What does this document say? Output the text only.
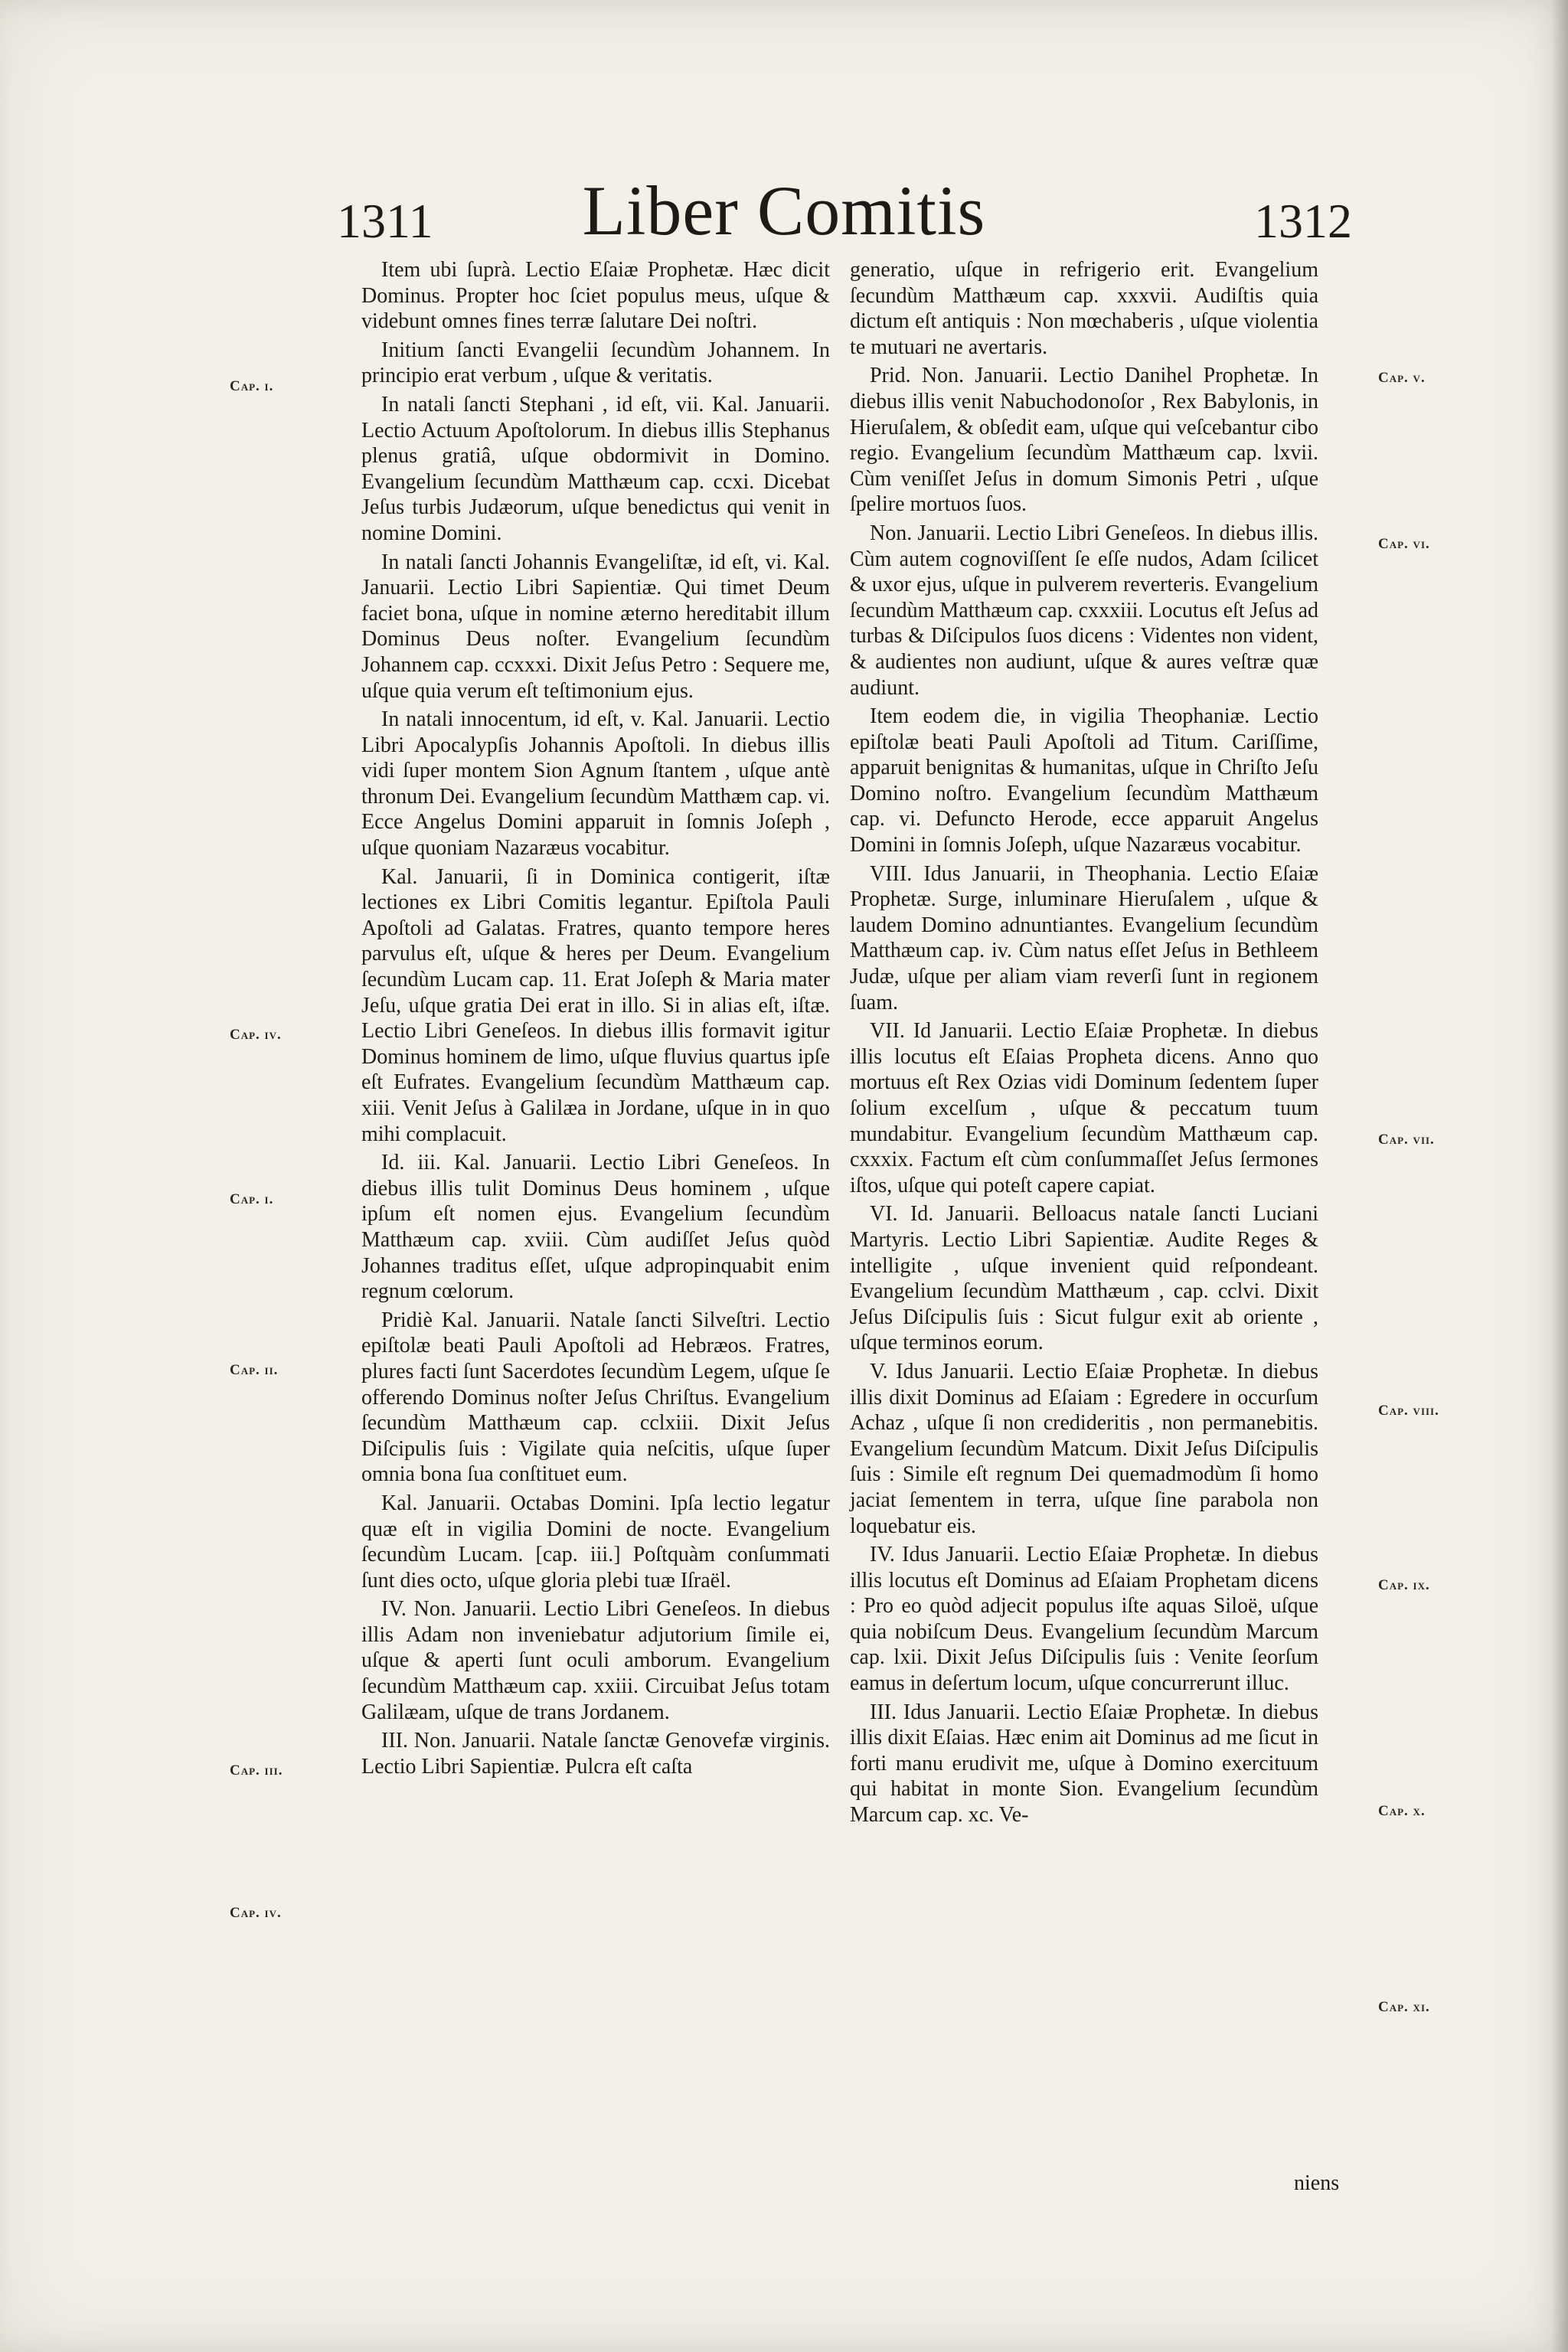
1311	Liber Comitis	1312
Cap. i.
Cap. iv.
Cap. i.
Cap. ii.
Cap. iii.
Cap. iv.
Cap. v.
Cap. vi.
Cap. vii.
Cap. viii.
Cap. ix.
Cap. x.
Cap. xi.

Item ubi ſuprà. Lectio Eſaiæ Prophetæ. Hæc dicit Dominus. Propter hoc ſciet populus meus, uſque & videbunt omnes fines terræ ſalutare Dei noſtri.

Initium ſancti Evangelii ſecundùm Johannem. In principio erat verbum , uſque & veritatis.

In natali ſancti Stephani , id eſt, vii. Kal. Januarii. Lectio Actuum Apoſtolorum. In diebus illis Stephanus plenus gratiâ, uſque obdormivit in Domino. Evangelium ſecundùm Matthæum cap. ccxi. Dicebat Jeſus turbis Judæorum, uſque benedictus qui venit in nomine Domini.

In natali ſancti Johannis Evangeliſtæ, id eſt, vi. Kal. Januarii. Lectio Libri Sapientiæ. Qui timet Deum faciet bona, uſque in nomine æterno hereditabit illum Dominus Deus noſter. Evangelium ſecundùm Johannem cap. ccxxxi. Dixit Jeſus Petro : Sequere me, uſque quia verum eſt teſtimonium ejus.

In natali innocentum, id eſt, v. Kal. Januarii. Lectio Libri Apocalypſis Johannis Apoſtoli. In diebus illis vidi ſuper montem Sion Agnum ſtantem , uſque antè thronum Dei. Evangelium ſecundùm Matthæm cap. vi. Ecce Angelus Domini apparuit in ſomnis Joſeph , uſque quoniam Nazaræus vocabitur.

Kal. Januarii, ſi in Dominica contigerit, iſtæ lectiones ex Libri Comitis legantur. Epiſtola Pauli Apoſtoli ad Galatas. Fratres, quanto tempore heres parvulus eſt, uſque & heres per Deum. Evangelium ſecundùm Lucam cap. 11. Erat Joſeph & Maria mater Jeſu, uſque gratia Dei erat in illo. Si in alias eſt, iſtæ. Lectio Libri Geneſeos. In diebus illis formavit igitur Dominus hominem de limo, uſque fluvius quartus ipſe eſt Eufrates. Evangelium ſecundùm Matthæum cap. xiii. Venit Jeſus à Galilæa in Jordane, uſque in in quo mihi complacuit.

Id. iii. Kal. Januarii. Lectio Libri Geneſeos. In diebus illis tulit Dominus Deus hominem , uſque ipſum eſt nomen ejus. Evangelium ſecundùm Matthæum cap. xviii. Cùm audiſſet Jeſus quòd Johannes traditus eſſet, uſque adpropinquabit enim regnum cœlorum.

Pridiè Kal. Januarii. Natale ſancti Silveſtri. Lectio epiſtolæ beati Pauli Apoſtoli ad Hebræos. Fratres, plures facti ſunt Sacerdotes ſecundùm Legem, uſque ſe offerendo Dominus noſter Jeſus Chriſtus. Evangelium ſecundùm Matthæum cap. cclxiii. Dixit Jeſus Diſcipulis ſuis : Vigilate quia neſcitis, uſque ſuper omnia bona ſua conſtituet eum.

Kal. Januarii. Octabas Domini. Ipſa lectio legatur quæ eſt in vigilia Domini de nocte. Evangelium ſecundùm Lucam. [cap. iii.] Poſtquàm conſummati ſunt dies octo, uſque gloria plebi tuæ Iſraël.

IV. Non. Januarii. Lectio Libri Geneſeos. In diebus illis Adam non inveniebatur adjutorium ſimile ei, uſque & aperti ſunt oculi amborum. Evangelium ſecundùm Matthæum cap. xxiii. Circuibat Jeſus totam Galilæam, uſque de trans Jordanem.

III. Non. Januarii. Natale ſanctæ Genovefæ virginis. Lectio Libri Sapientiæ. Pulcra eſt caſta

generatio, uſque in refrigerio erit. Evangelium ſecundùm Matthæum cap. xxxvii. Audiſtis quia dictum eſt antiquis : Non mœchaberis , uſque violentia te mutuari ne avertaris.

Prid. Non. Januarii. Lectio Danihel Prophetæ. In diebus illis venit Nabuchodonoſor , Rex Babylonis, in Hieruſalem, & obſedit eam, uſque qui veſcebantur cibo regio. Evangelium ſecundùm Matthæum cap. lxvii. Cùm veniſſet Jeſus in domum Simonis Petri , uſque ſpelire mortuos ſuos.

Non. Januarii. Lectio Libri Geneſeos. In diebus illis. Cùm autem cognoviſſent ſe eſſe nudos, Adam ſcilicet & uxor ejus, uſque in pulverem reverteris. Evangelium ſecundùm Matthæum cap. cxxxiii. Locutus eſt Jeſus ad turbas & Diſcipulos ſuos dicens : Videntes non vident, & audientes non audiunt, uſque & aures veſtræ quæ audiunt.

Item eodem die, in vigilia Theophaniæ. Lectio epiſtolæ beati Pauli Apoſtoli ad Titum. Cariſſime, apparuit benignitas & humanitas, uſque in Chriſto Jeſu Domino noſtro. Evangelium ſecundùm Matthæum cap. vi. Defuncto Herode, ecce apparuit Angelus Domini in ſomnis Joſeph, uſque Nazaræus vocabitur.

VIII. Idus Januarii, in Theophania. Lectio Eſaiæ Prophetæ. Surge, inluminare Hieruſalem , uſque & laudem Domino adnuntiantes. Evangelium ſecundùm Matthæum cap. iv. Cùm natus eſſet Jeſus in Bethleem Judæ, uſque per aliam viam reverſi ſunt in regionem ſuam.

VII. Id Januarii. Lectio Eſaiæ Prophetæ. In diebus illis locutus eſt Eſaias Propheta dicens. Anno quo mortuus eſt Rex Ozias vidi Dominum ſedentem ſuper ſolium excelſum , uſque & peccatum tuum mundabitur. Evangelium ſecundùm Matthæum cap. cxxxix. Factum eſt cùm conſummaſſet Jeſus ſermones iſtos, uſque qui poteſt capere capiat.

VI. Id. Januarii. Belloacus natale ſancti Luciani Martyris. Lectio Libri Sapientiæ. Audite Reges & intelligite , uſque invenient quid reſpondeant. Evangelium ſecundùm Matthæum , cap. cclvi. Dixit Jeſus Diſcipulis ſuis : Sicut fulgur exit ab oriente , uſque terminos eorum.

V. Idus Januarii. Lectio Eſaiæ Prophetæ. In diebus illis dixit Dominus ad Eſaiam : Egredere in occurſum Achaz , uſque ſi non credideritis , non permanebitis. Evangelium ſecundùm Matcum. Dixit Jeſus Diſcipulis ſuis : Simile eſt regnum Dei quemadmodùm ſi homo jaciat ſementem in terra, uſque ſine parabola non loquebatur eis.

IV. Idus Januarii. Lectio Eſaiæ Prophetæ. In diebus illis locutus eſt Dominus ad Eſaiam Prophetam dicens : Pro eo quòd adjecit populus iſte aquas Siloë, uſque quia nobiſcum Deus. Evangelium ſecundùm Marcum cap. lxii. Dixit Jeſus Diſcipulis ſuis : Venite ſeorſum eamus in deſertum locum, uſque concurrerunt illuc.

III. Idus Januarii. Lectio Eſaiæ Prophetæ. In diebus illis dixit Eſaias. Hæc enim ait Dominus ad me ſicut in forti manu erudivit me, uſque à Domino exercituum qui habitat in monte Sion. Evangelium ſecundùm Marcum cap. xc. Ve-

niens
